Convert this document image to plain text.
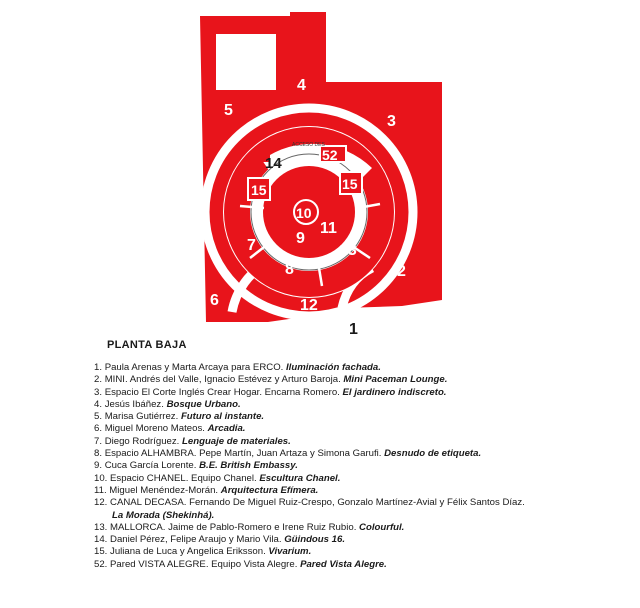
ACCESO DES
4
5
3
2
6	12
8
7	13
11
9
10
15	15
52
14
1
PLANTA BAJA
1. Paula Arenas y Marta Arcaya para ERCO. Iluminación fachada.
2. MINI. Andrés del Valle, Ignacio Estévez y Arturo Baroja. Mini Paceman Lounge.
3. Espacio El Corte Inglés Crear Hogar. Encarna Romero. El jardinero indiscreto.
4. Jesús Ibáñez. Bosque Urbano.
5. Marisa Gutiérrez. Futuro al instante.
6. Miguel Moreno Mateos. Arcadia.
7. Diego Rodríguez. Lenguaje de materiales.
8. Espacio ALHAMBRA. Pepe Martín, Juan Artaza y Simona Garufi. Desnudo de etiqueta.
9. Cuca García Lorente. B.E. British Embassy.
10. Espacio CHANEL. Equipo Chanel. Escultura Chanel.
11. Miguel Menéndez-Morán. Arquitectura Efímera.
12. CANAL DECASA. Fernando De Miguel Ruiz-Crespo, Gonzalo Martínez-Avial y Félix Santos Díaz.
La Morada (Shekinhá).
13. MALLORCA. Jaime de Pablo-Romero e Irene Ruiz Rubio. Colourful.
14. Daniel Pérez, Felipe Araujo y Mario Vila. Güindous 16.
15. Juliana de Luca y Angelica Eriksson. Vivarium.
52. Pared VISTA ALEGRE. Equipo Vista Alegre. Pared Vista Alegre.
